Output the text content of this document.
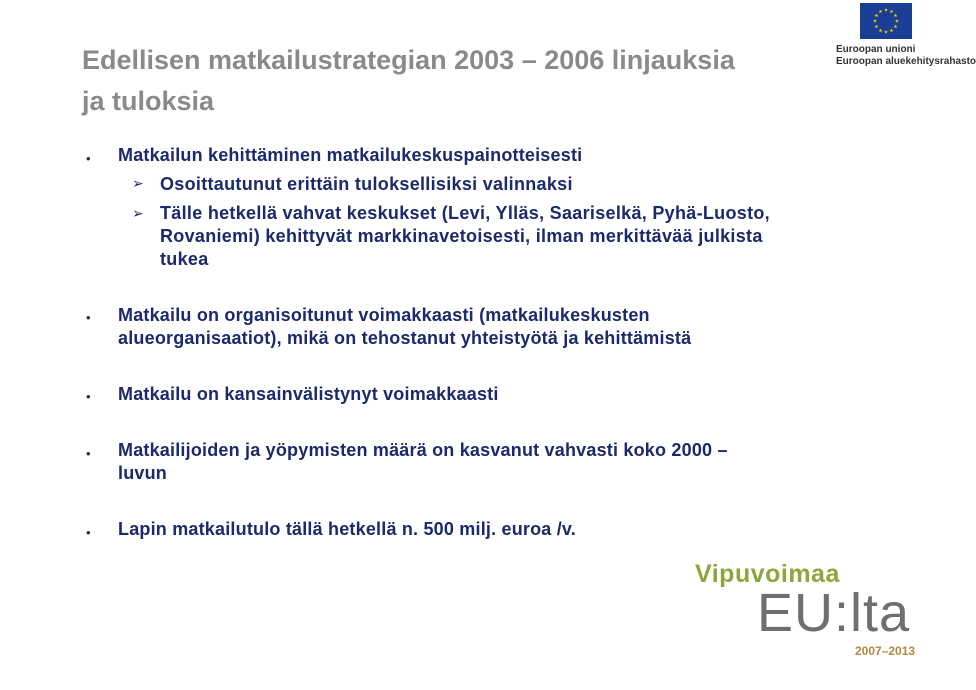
Edellisen matkailustrategian 2003 – 2006 linjauksia
ja tuloksia
Euroopan unioni
Euroopan aluekehitysrahasto
• Matkailun kehittäminen matkailukeskuspainotteisesti
➢ Osoittautunut erittäin tuloksellisiksi valinnaksi
➢ Tälle hetkellä vahvat keskukset (Levi, Ylläs, Saariselkä, Pyhä-Luosto,
Rovaniemi) kehittyvät markkinavetoisesti, ilman merkittävää julkista
tukea
• Matkailu on organisoitunut voimakkaasti (matkailukeskusten
alueorganisaatiot), mikä on tehostanut yhteistyötä ja kehittämistä
• Matkailu on kansainvälistynyt voimakkaasti
• Matkailijoiden ja yöpymisten määrä on kasvanut vahvasti koko 2000 –
luvun
• Lapin matkailutulo tällä hetkellä n. 500 milj. euroa /v.
Vipuvoimaa
EU:lta
2007–2013
